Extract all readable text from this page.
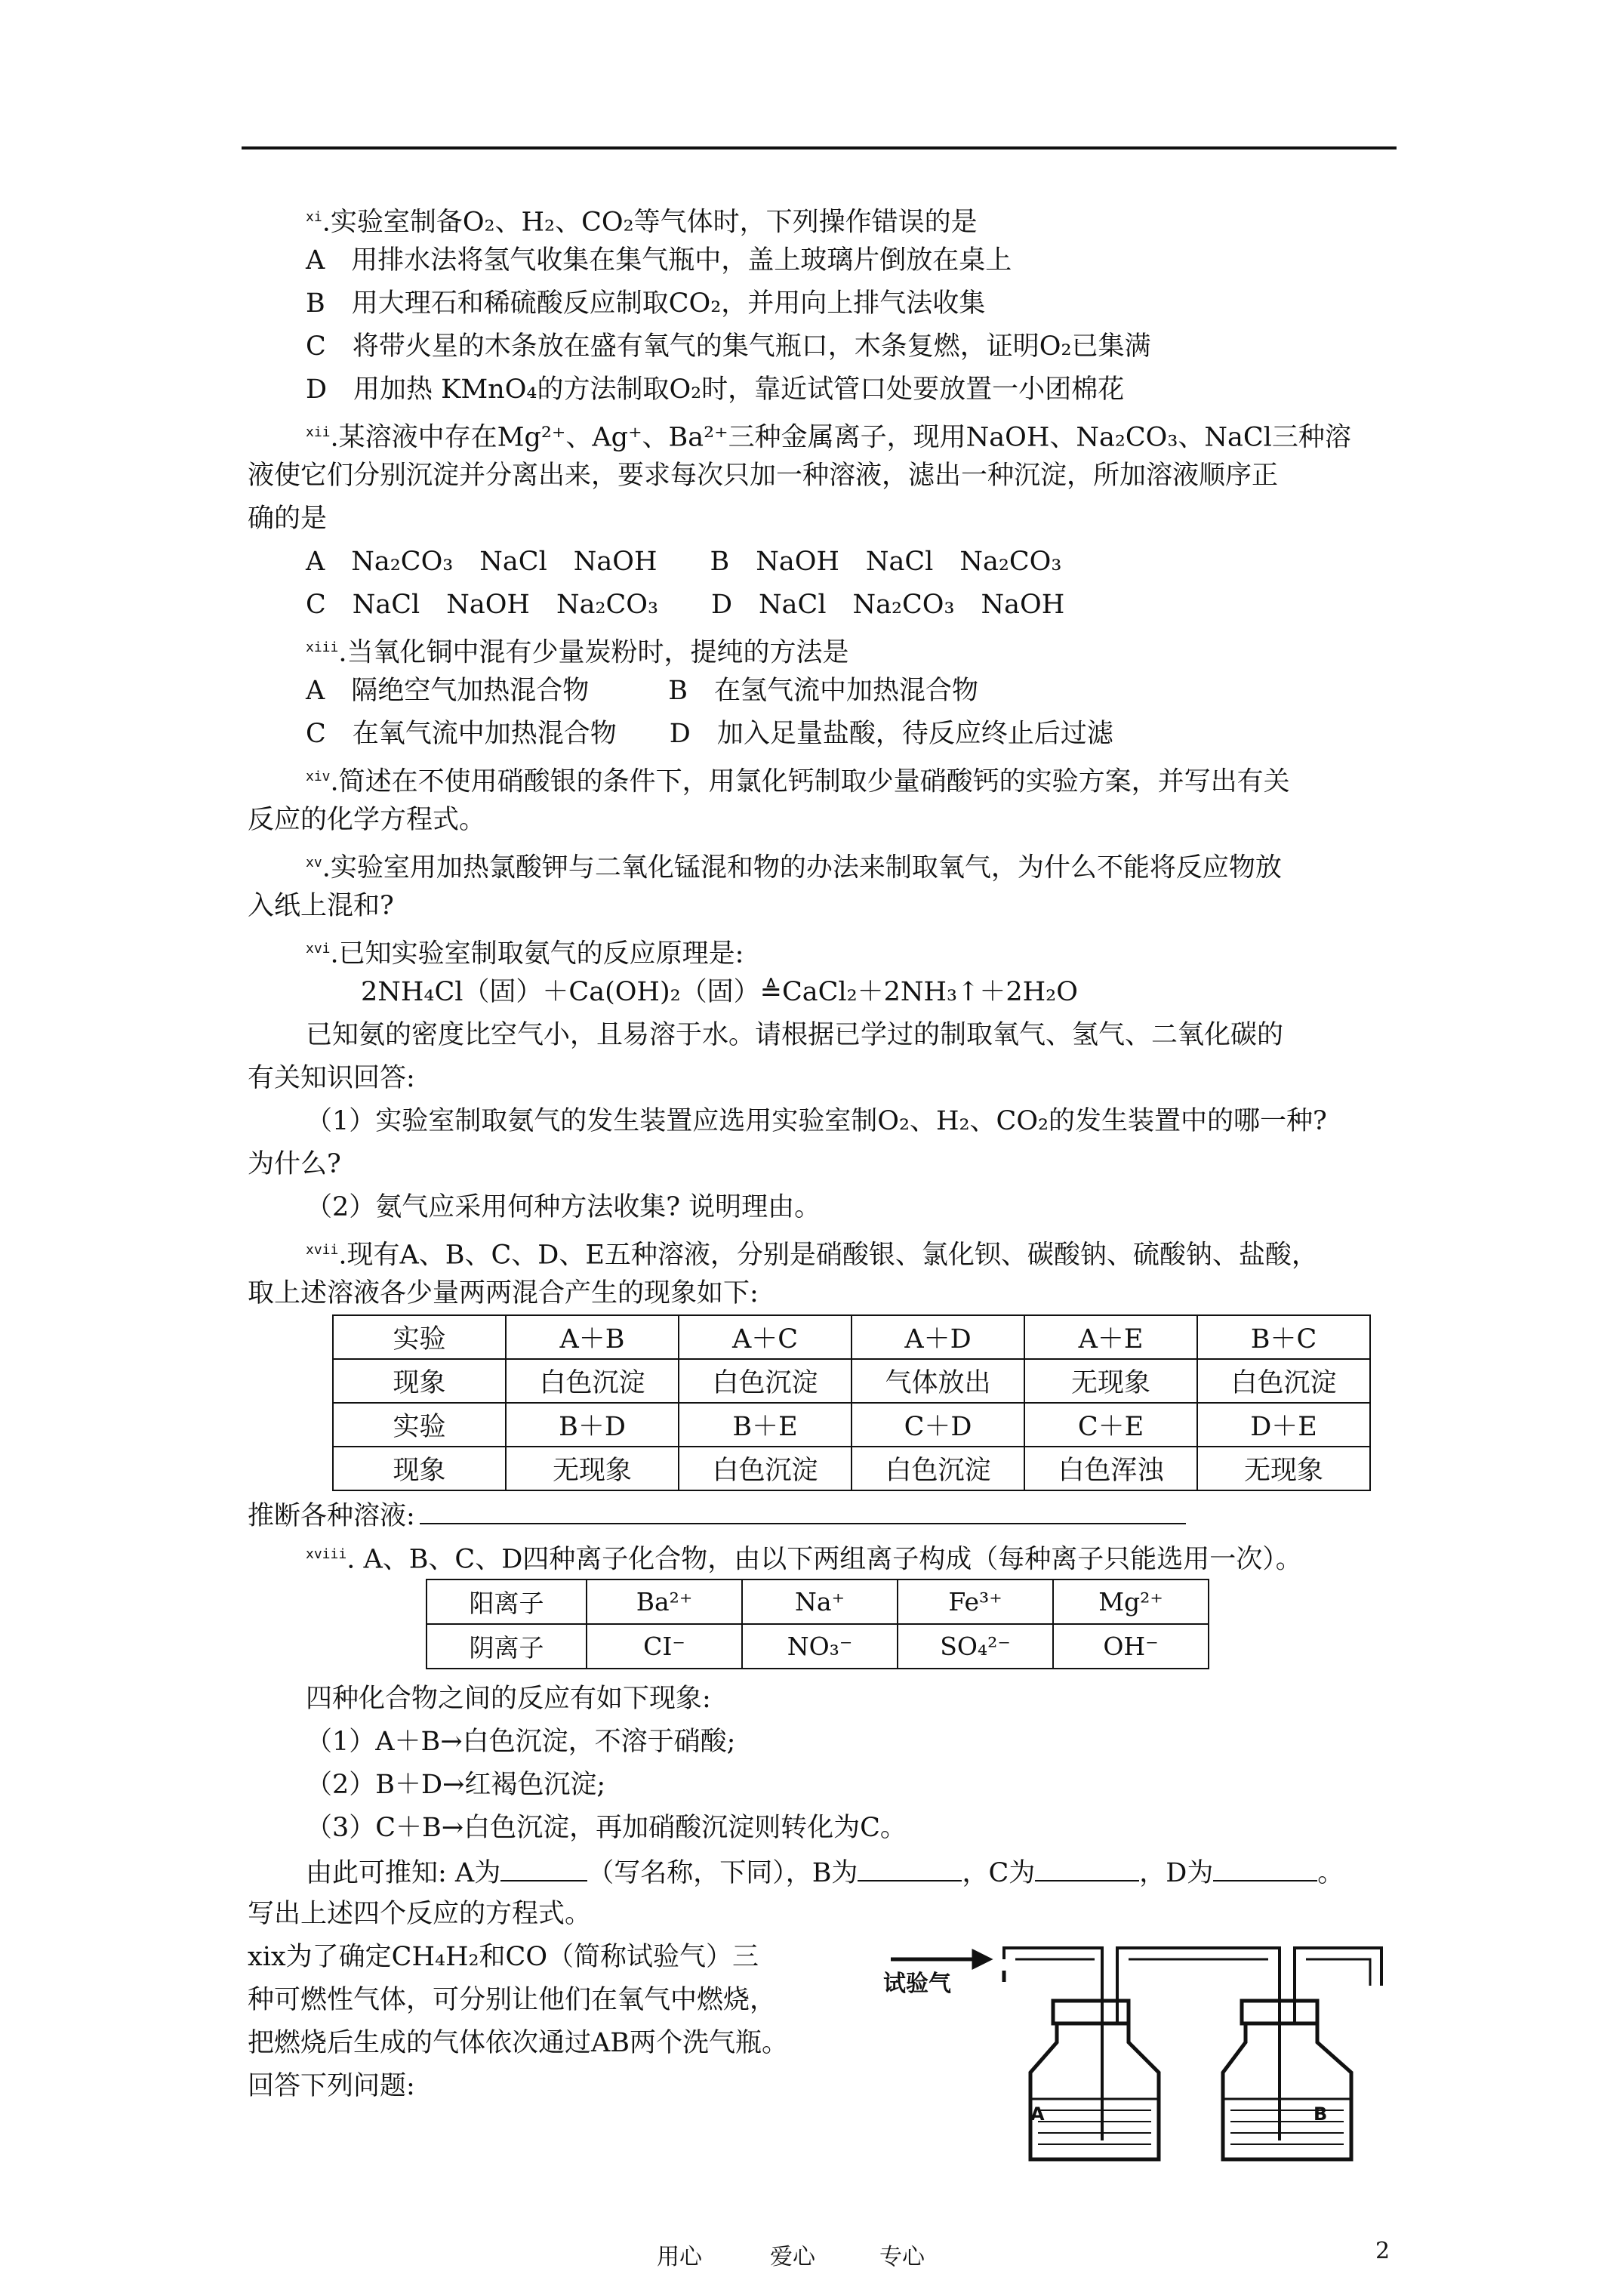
$^{xi}$.实验室制备O₂、H₂、CO₂等气体时，下列操作错误的是
A　用排水法将氢气收集在集气瓶中，盖上玻璃片倒放在桌上
B　用大理石和稀硫酸反应制取CO₂，并用向上排气法收集
C　将带火星的木条放在盛有氧气的集气瓶口，木条复燃，证明O₂已集满
D　用加热 KMnO₄的方法制取O₂时，靠近试管口处要放置一小团棉花
$^{xii}$.某溶液中存在Mg²⁺、Ag⁺、Ba²⁺三种金属离子，现用NaOH、Na₂CO₃、NaCl三种溶
液使它们分别沉淀并分离出来，要求每次只加一种溶液，滤出一种沉淀，所加溶液顺序正
确的是
A　Na₂CO₃　NaCl　NaOH　　B　NaOH　NaCl　Na₂CO₃
C　NaCl　NaOH　Na₂CO₃　　D　NaCl　Na₂CO₃　NaOH
$^{xiii}$.当氧化铜中混有少量炭粉时，提纯的方法是
A　隔绝空气加热混合物　　　B　在氢气流中加热混合物
C　在氧气流中加热混合物　　D　加入足量盐酸，待反应终止后过滤
$^{xiv}$.简述在不使用硝酸银的条件下，用氯化钙制取少量硝酸钙的实验方案，并写出有关
反应的化学方程式。
$^{xv}$.实验室用加热氯酸钾与二氧化锰混和物的办法来制取氧气，为什么不能将反应物放
入纸上混和?
$^{xvi}$.已知实验室制取氨气的反应原理是:
2NH₄Cl（固）＋Ca(OH)₂（固）≜CaCl₂＋2NH₃↑＋2H₂O
已知氨的密度比空气小，且易溶于水。请根据已学过的制取氧气、氢气、二氧化碳的
有关知识回答:
（1）实验室制取氨气的发生装置应选用实验室制O₂、H₂、CO₂的发生装置中的哪一种?
为什么?
（2）氨气应采用何种方法收集? 说明理由。
$^{xvii}$.现有A、B、C、D、E五种溶液，分别是硝酸银、氯化钡、碳酸钠、硫酸钠、盐酸，
取上述溶液各少量两两混合产生的现象如下:
实验	A＋B	A＋C	A＋D	A＋E	B＋C
现象	白色沉淀	白色沉淀	气体放出	无现象	白色沉淀
实验	B＋D	B＋E	C＋D	C＋E	D＋E
现象	无现象	白色沉淀	白色沉淀	白色浑浊	无现象
推断各种溶液:
$^{xviii}$. A、B、C、D四种离子化合物，由以下两组离子构成（每种离子只能选用一次）。
阳离子	Ba²⁺	Na⁺	Fe³⁺	Mg²⁺
阴离子	CI⁻	NO₃⁻	SO₄²⁻	OH⁻
四种化合物之间的反应有如下现象:
（1）A＋B→白色沉淀，不溶于硝酸;
（2）B＋D→红褐色沉淀;
（3）C＋B→白色沉淀，再加硝酸沉淀则转化为C。
由此可推知: A为	（写名称，下同），B为	，C为	，D为	。
写出上述四个反应的方程式。
xix为了确定CH₄H₂和CO（简称试验气）三
种可燃性气体，可分别让他们在氧气中燃烧，
把燃烧后生成的气体依次通过AB两个洗气瓶。
回答下列问题:
试验气
A	B
用心	爱心	专心	2
